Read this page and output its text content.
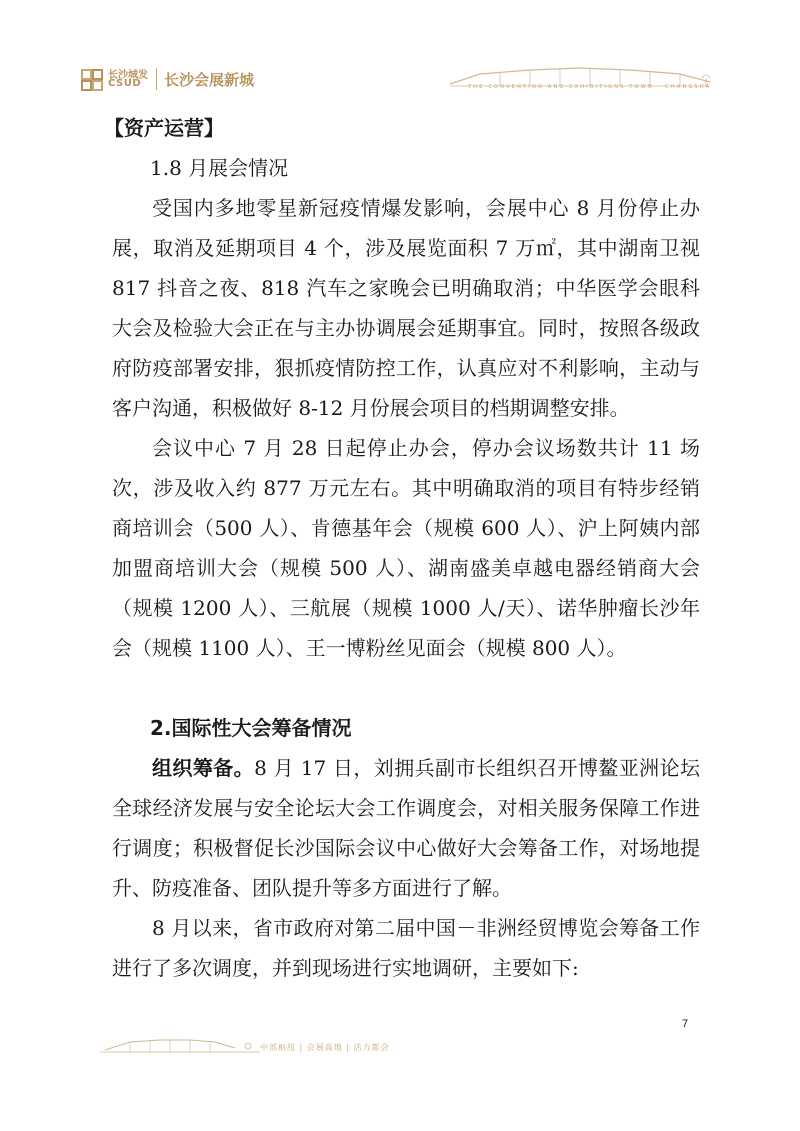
长沙城发
CSUD 长沙会展新城	THE CONVENTION AND EXHIBITIONS TOWN · CHANGSHA
【资产运营】
1.8 月展会情况

受国内多地零星新冠疫情爆发影响，会展中心 8 月份停止办展，取消及延期项目 4 个，涉及展览面积 7 万㎡，其中湖南卫视 817 抖音之夜、818 汽车之家晚会已明确取消；中华医学会眼科大会及检验大会正在与主办协调展会延期事宜。同时，按照各级政府防疫部署安排，狠抓疫情防控工作，认真应对不利影响，主动与客户沟通，积极做好 8-12 月份展会项目的档期调整安排。

会议中心 7 月 28 日起停止办会，停办会议场数共计 11 场次，涉及收入约 877 万元左右。其中明确取消的项目有特步经销商培训会（500 人）、肯德基年会（规模 600 人）、沪上阿姨内部加盟商培训大会（规模 500 人）、湖南盛美卓越电器经销商大会（规模 1200 人）、三航展（规模 1000 人/天）、诺华肿瘤长沙年会（规模 1100 人）、王一博粉丝见面会（规模 800 人）。

2.国际性大会筹备情况

组织筹备。8 月 17 日，刘拥兵副市长组织召开博鳌亚洲论坛全球经济发展与安全论坛大会工作调度会，对相关服务保障工作进行调度；积极督促长沙国际会议中心做好大会筹备工作，对场地提升、防疫准备、团队提升等多方面进行了解。

8 月以来，省市政府对第二届中国－非洲经贸博览会筹备工作进行了多次调度，并到现场进行实地调研，主要如下:

7
中部枢纽 | 会展高地 | 活力都会
